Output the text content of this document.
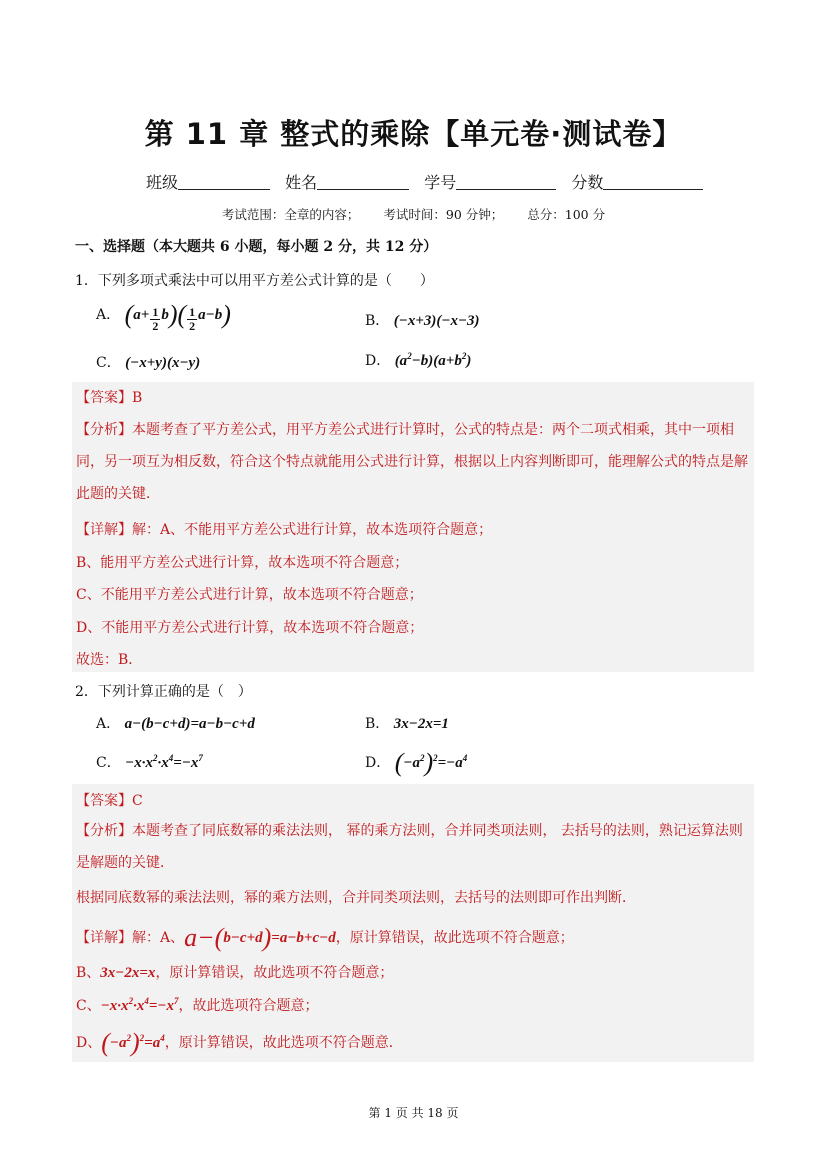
第 11 章 整式的乘除【单元卷·测试卷】
班级	姓名	学号	分数
考试范围：全章的内容； 考试时间：90 分钟； 总分：100 分
一、选择题（本大题共 6 小题，每小题 2 分，共 12 分）
1．下列多项式乘法中可以用平方差公式计算的是（　　）
A． $(a+ \frac{1}{2} b)( \frac{1}{2} a-b)$	B． (−x+3)(−x−3)
C． (−x+y)(x−y)	D． $(a^2-b)(a+b^2)$
【答案】B
【分析】本题考查了平方差公式，用平方差公式进行计算时，公式的特点是：两个二项式相乘，其中一项相同，另一项互为相反数，符合这个特点就能用公式进行计算，根据以上内容判断即可，能理解公式的特点是解此题的关键．
【详解】解：A、不能用平方差公式进行计算，故本选项符合题意；
B、能用平方差公式进行计算，故本选项不符合题意；
C、不能用平方差公式进行计算，故本选项不符合题意；
D、不能用平方差公式进行计算，故本选项不符合题意；
故选：B．
2．下列计算正确的是（　）
A． a−(b−c+d)=a−b−c+d	B． 3x−2x=1
C． $-x\cdot x^2\cdot x^4=-x^7$	D． $(-a^2)^2=-a^4$
【答案】C
【分析】本题考查了同底数幂的乘法法则， 幂的乘方法则，合并同类项法则， 去括号的法则，熟记运算法则是解题的关键．
根据同底数幂的乘法法则，幂的乘方法则，合并同类项法则，去括号的法则即可作出判断．
【详解】解：A、a−(b−c+d)=a−b+c−d，原计算错误，故此选项不符合题意；
B、3x−2x=x，原计算错误，故此选项不符合题意；
C、$-x\cdot x^2\cdot x^4=-x^7$，故此选项符合题意；
D、$(-a^2)^2=a^4$，原计算错误，故此选项不符合题意．
第 1 页 共 18 页
